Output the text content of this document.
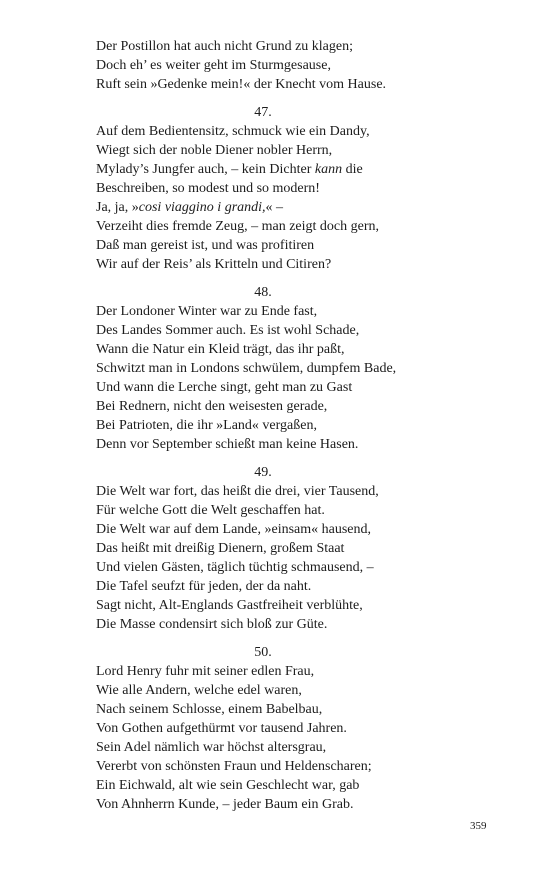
Der Postillon hat auch nicht Grund zu klagen;
Doch eh’ es weiter geht im Sturmgesause,
Ruft sein »Gedenke mein!« der Knecht vom Hause.
47.
Auf dem Bedientensitz, schmuck wie ein Dandy,
Wiegt sich der noble Diener nobler Herrn,
Mylady’s Jungfer auch, – kein Dichter kann die
Beschreiben, so modest und so modern!
Ja, ja, »cosi viaggino i grandi,« –
Verzeiht dies fremde Zeug, – man zeigt doch gern,
Daß man gereist ist, und was profitiren
Wir auf der Reis’ als Kritteln und Citiren?
48.
Der Londoner Winter war zu Ende fast,
Des Landes Sommer auch. Es ist wohl Schade,
Wann die Natur ein Kleid trägt, das ihr paßt,
Schwitzt man in Londons schwülem, dumpfem Bade,
Und wann die Lerche singt, geht man zu Gast
Bei Rednern, nicht den weisesten gerade,
Bei Patrioten, die ihr »Land« vergaßen,
Denn vor September schießt man keine Hasen.
49.
Die Welt war fort, das heißt die drei, vier Tausend,
Für welche Gott die Welt geschaffen hat.
Die Welt war auf dem Lande, »einsam« hausend,
Das heißt mit dreißig Dienern, großem Staat
Und vielen Gästen, täglich tüchtig schmausend, –
Die Tafel seufzt für jeden, der da naht.
Sagt nicht, Alt-Englands Gastfreiheit verblühte,
Die Masse condensirt sich bloß zur Güte.
50.
Lord Henry fuhr mit seiner edlen Frau,
Wie alle Andern, welche edel waren,
Nach seinem Schlosse, einem Babelbau,
Von Gothen aufgethürmt vor tausend Jahren.
Sein Adel nämlich war höchst altersgrau,
Vererbt von schönsten Fraun und Heldenscharen;
Ein Eichwald, alt wie sein Geschlecht war, gab
Von Ahnherrn Kunde, – jeder Baum ein Grab.
359
